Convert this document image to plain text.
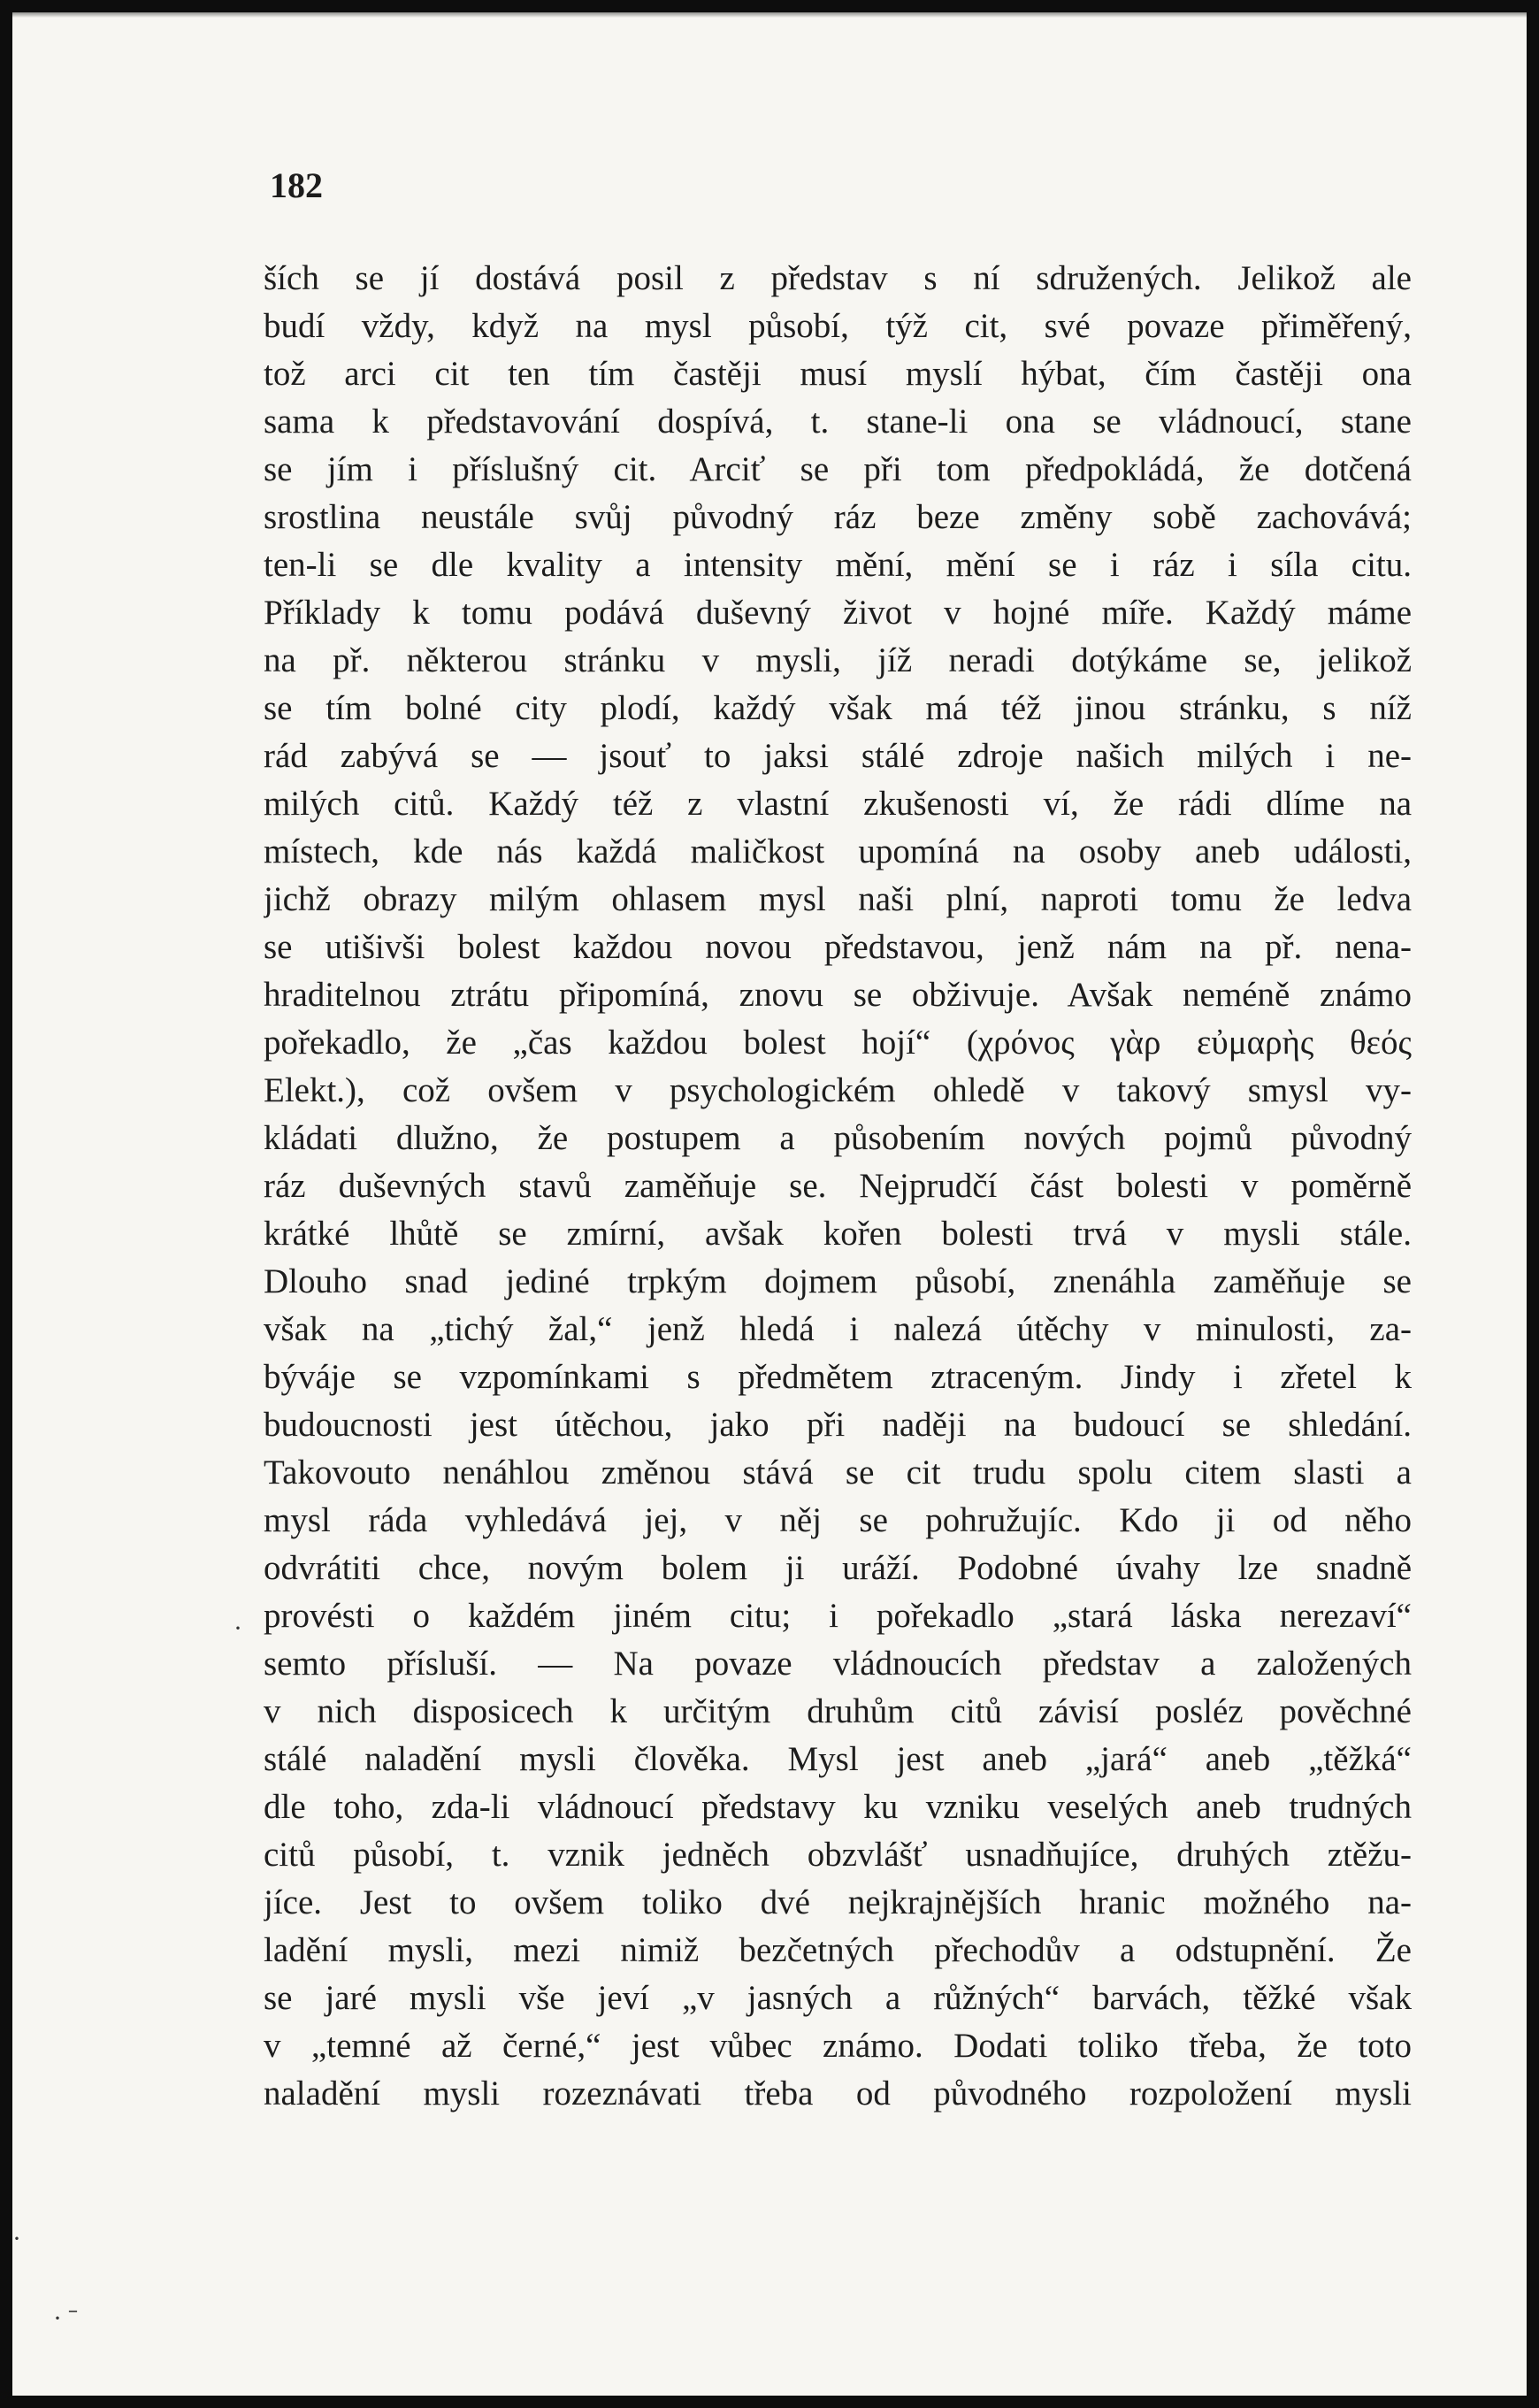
182

ších se jí dostává posil z představ s ní sdružených. Jelikož ale
budí vždy, když na mysl působí, týž cit, své povaze přiměřený,
tož arci cit ten tím častěji musí myslí hýbat, čím častěji ona
sama k představování dospívá, t. stane-li ona se vládnoucí, stane
se jím i příslušný cit. Arciť se při tom předpokládá, že dotčená
srostlina neustále svůj původný ráz beze změny sobě zachovává;
ten-li se dle kvality a intensity mění, mění se i ráz i síla citu.
Příklady k tomu podává duševný život v hojné míře. Každý máme
na př. některou stránku v mysli, jíž neradi dotýkáme se, jelikož
se tím bolné city plodí, každý však má též jinou stránku, s níž
rád zabývá se — jsouť to jaksi stálé zdroje našich milých i ne-
milých citů. Každý též z vlastní zkušenosti ví, že rádi dlíme na
místech, kde nás každá maličkost upomíná na osoby aneb události,
jichž obrazy milým ohlasem mysl naši plní, naproti tomu že ledva
se utišivši bolest každou novou představou, jenž nám na př. nena-
hraditelnou ztrátu připomíná, znovu se obživuje. Avšak neméně známo
pořekadlo, že „čas každou bolest hojí“ (χρόνος γὰρ εὐμαρὴς θεός
Elekt.), což ovšem v psychologickém ohledě v takový smysl vy-
kládati dlužno, že postupem a působením nových pojmů původný
ráz duševných stavů zaměňuje se. Nejprudčí část bolesti v poměrně
krátké lhůtě se zmírní, avšak kořen bolesti trvá v mysli stále.
Dlouho snad jediné trpkým dojmem působí, znenáhla zaměňuje se
však na „tichý žal,“ jenž hledá i nalezá útěchy v minulosti, za-
býváje se vzpomínkami s předmětem ztraceným. Jindy i zřetel k
budoucnosti jest útěchou, jako při naději na budoucí se shledání.
Takovouto nenáhlou změnou stává se cit trudu spolu citem slasti a
mysl ráda vyhledává jej, v něj se pohružujíc. Kdo ji od něho
odvrátiti chce, novým bolem ji uráží. Podobné úvahy lze snadně
provésti o každém jiném citu; i pořekadlo „stará láska nerezaví“
semto přísluší. — Na povaze vládnoucích představ a založených
v nich disposicech k určitým druhům citů závisí posléz pověchné
stálé naladění mysli člověka. Mysl jest aneb „jará“ aneb „těžká“
dle toho, zda-li vládnoucí představy ku vzniku veselých aneb trudných
citů působí, t. vznik jedněch obzvlášť usnadňujíce, druhých ztěžu-
jíce. Jest to ovšem toliko dvé nejkrajnějších hranic možného na-
ladění mysli, mezi nimiž bezčetných přechodův a odstupnění. Že
se jaré mysli vše jeví „v jasných a růžných“ barvách, těžké však
v „temné až černé,“ jest vůbec známo. Dodati toliko třeba, že toto
naladění mysli rozeznávati třeba od původného rozpoložení mysli
·
·
· ˉ
